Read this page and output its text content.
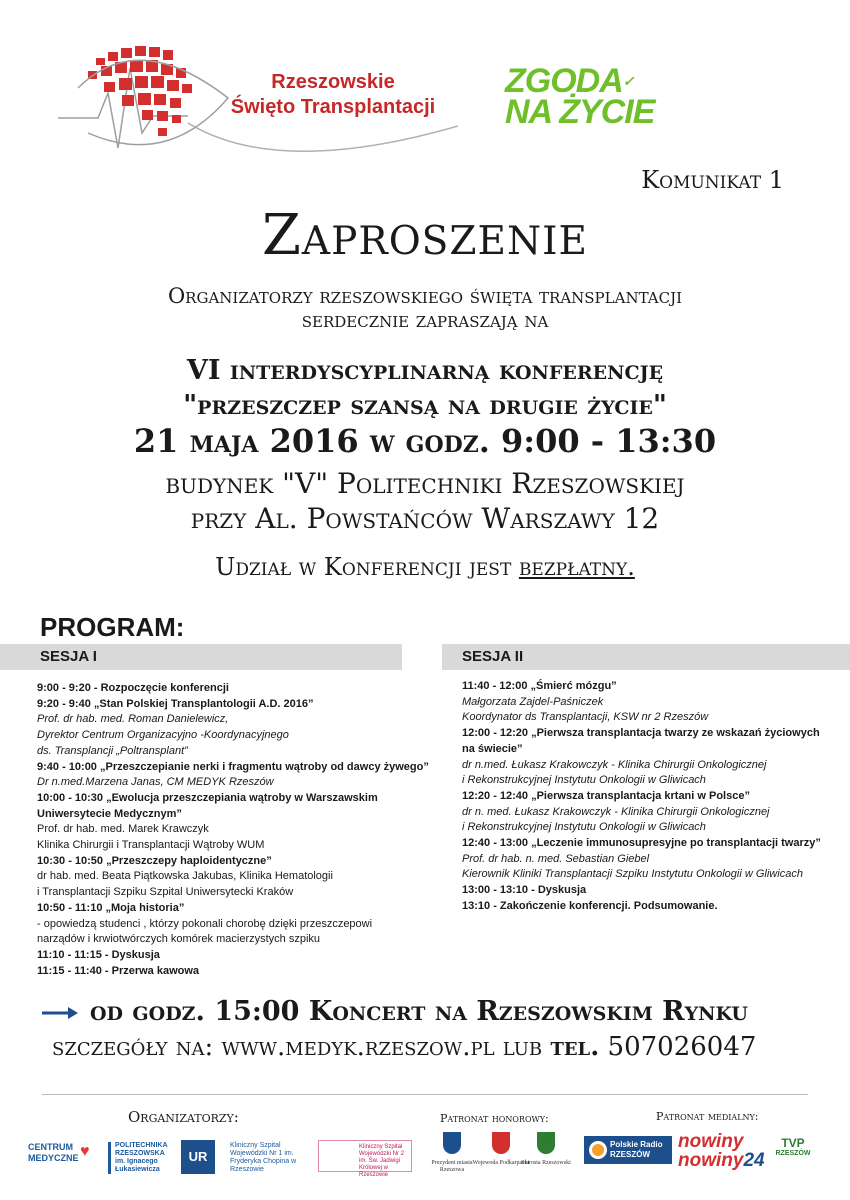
Rzeszowskie
Święto Transplantacji
ZGODA✓
NA ŻYCIE
Komunikat 1
Zaproszenie
Organizatorzy rzeszowskiego święta transplantacji
serdecznie zapraszają na
VI interdyscyplinarną konferencję
"przeszczep szansą na drugie życie"
21 maja 2016 w godz. 9:00 - 13:30
budynek "V" Politechniki Rzeszowskiej
przy Al. Powstańców Warszawy 12
Udział w Konferencji jest bezpłatny.
PROGRAM:
SESJA I	SESJA II
9:00 - 9:20 - Rozpoczęcie konferencji
9:20 - 9:40 „Stan Polskiej Transplantologii A.D. 2016”
Prof. dr hab. med. Roman Danielewicz,
Dyrektor Centrum Organizacyjno -Koordynacyjnego
ds. Transplancji „Poltransplant”
9:40 - 10:00 „Przeszczepianie nerki i fragmentu wątroby od dawcy żywego”
Dr n.med.Marzena Janas, CM MEDYK Rzeszów
10:00 - 10:30 „Ewolucja przeszczepiania wątroby w Warszawskim
Uniwersytecie Medycznym”
Prof. dr hab. med. Marek Krawczyk
Klinika Chirurgii i Transplantacji Wątroby WUM
10:30 - 10:50 „Przeszczepy haploidentyczne”
dr hab. med. Beata Piątkowska Jakubas, Klinika Hematologii
i Transplantacji Szpiku Szpital Uniwersytecki Kraków
10:50 - 11:10 „Moja historia”
- opowiedzą studenci , którzy pokonali chorobę dzięki przeszczepowi
narządów i krwiotwórczych komórek macierzystych szpiku
11:10 - 11:15 - Dyskusja
11:15 - 11:40 - Przerwa kawowa
11:40 - 12:00 „Śmierć mózgu”
Małgorzata Zajdel-Paśniczek
Koordynator ds Transplantacji, KSW nr 2 Rzeszów
12:00 - 12:20 „Pierwsza transplantacja twarzy ze wskazań życiowych
na świecie”
dr n.med. Łukasz Krakowczyk - Klinika Chirurgii Onkologicznej
i Rekonstrukcyjnej Instytutu Onkologii w Gliwicach
12:20 - 12:40 „Pierwsza transplantacja krtani w Polsce”
dr n. med. Łukasz Krakowczyk - Klinika Chirurgii Onkologicznej
i Rekonstrukcyjnej Instytutu Onkologii w Gliwicach
12:40 - 13:00 „Leczenie immunosupresyjne po transplantacji twarzy”
Prof. dr hab. n. med. Sebastian Giebel
Kierownik Kliniki Transplantacji Szpiku Instytutu Onkologii w Gliwicach
13:00 - 13:10 - Dyskusja
13:10 - Zakończenie konferencji. Podsumowanie.
od godz. 15:00 Koncert na Rzeszowskim Rynku
szczegóły na: www.medyk.rzeszow.pl lub tel. 507026047
Organizatorzy:	Patronat honorowy:	Patronat medialny:
CENTRUM MEDYCZNE ♥	POLITECHNIKA RZESZOWSKA im. Ignacego Łukasiewicza
UR
Kliniczny Szpital Wojewódzki Nr 1 im. Fryderyka Chopina w Rzeszowie
Kliniczny Szpital Wojewódzki Nr 2 im. Św. Jadwigi Królowej w Rzeszowie
Prezydent miasta Rzeszowa
Wojewoda Podkarpacki
Starosta Rzeszowski
Polskie Radio RZESZÓW
nowiny
nowiny24
TVP
RZESZÓW
